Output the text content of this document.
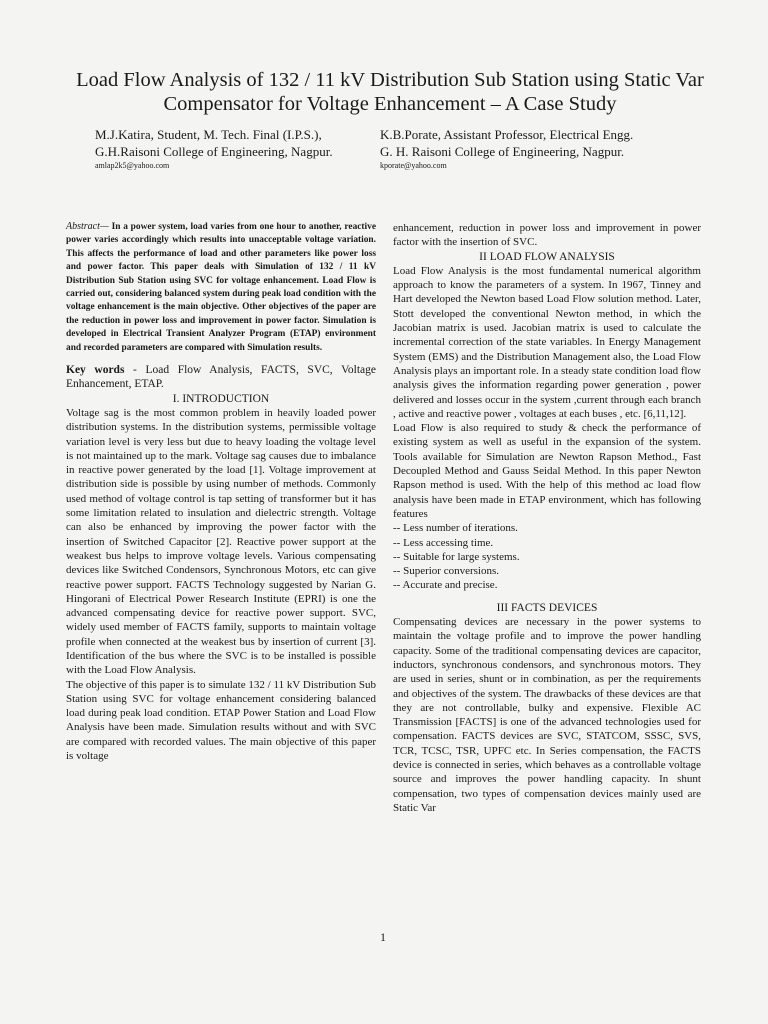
Load Flow Analysis of 132 / 11 kV Distribution Sub Station using Static Var Compensator for Voltage Enhancement – A Case Study
M.J.Katira, Student, M. Tech. Final (I.P.S.),
G.H.Raisoni College of Engineering, Nagpur.
amlap2k5@yahoo.com
K.B.Porate, Assistant Professor, Electrical Engg.
G. H. Raisoni College of Engineering, Nagpur.
kporate@yahoo.com

Abstract— In a power system, load varies from one hour to another, reactive power varies accordingly which results into unacceptable voltage variation. This affects the performance of load and other parameters like power loss and power factor. This paper deals with Simulation of 132 / 11 kV Distribution Sub Station using SVC for voltage enhancement. Load Flow is carried out, considering balanced system during peak load condition with the voltage enhancement is the main objective. Other objectives of the paper are the reduction in power loss and improvement in power factor. Simulation is developed in Electrical Transient Analyzer Program (ETAP) environment and recorded parameters are compared with Simulation results.

Key words - Load Flow Analysis, FACTS, SVC, Voltage Enhancement, ETAP.

I. INTRODUCTION

Voltage sag is the most common problem in heavily loaded power distribution systems. In the distribution systems, permissible voltage variation level is very less but due to heavy loading the voltage level is not maintained up to the mark. Voltage sag causes due to imbalance in reactive power generated by the load [1]. Voltage improvement at distribution side is possible by using number of methods. Commonly used method of voltage control is tap setting of transformer but it has some limitation related to insulation and dielectric strength. Voltage can also be enhanced by improving the power factor with the insertion of Switched Capacitor [2]. Reactive power support at the weakest bus helps to improve voltage levels. Various compensating devices like Switched Condensors, Synchronous Motors, etc can give reactive power support. FACTS Technology suggested by Narian G. Hingorani of Electrical Power Research Institute (EPRI) is one the advanced compensating device for reactive power support. SVC, widely used member of FACTS family, supports to maintain voltage profile when connected at the weakest bus by insertion of current [3]. Identification of the bus where the SVC is to be installed is possible with the Load Flow Analysis.

The objective of this paper is to simulate 132 / 11 kV Distribution Sub Station using SVC for voltage enhancement considering balanced load during peak load condition. ETAP Power Station and Load Flow Analysis have been made. Simulation results without and with SVC are compared with recorded values. The main objective of this paper is voltage

enhancement, reduction in power loss and improvement in power factor with the insertion of SVC.

II LOAD FLOW ANALYSIS

Load Flow Analysis is the most fundamental numerical algorithm approach to know the parameters of a system. In 1967, Tinney and Hart developed the Newton based Load Flow solution method. Later, Stott developed the conventional Newton method, in which the Jacobian matrix is used. Jacobian matrix is used to calculate the incremental correction of the state variables. In Energy Management System (EMS) and the Distribution Management also, the Load Flow Analysis plays an important role. In a steady state condition load flow analysis gives the information regarding power generation , power delivered and losses occur in the system ,current through each branch , active and reactive power , voltages at each buses , etc. [6,11,12].

Load Flow is also required to study & check the performance of existing system as well as useful in the expansion of the system. Tools available for Simulation are Newton Rapson Method., Fast Decoupled Method and Gauss Seidal Method. In this paper Newton Rapson method is used. With the help of this method ac load flow analysis have been made in ETAP environment, which has following features

-- Less number of iterations.
-- Less accessing time.
-- Suitable for large systems.
-- Superior conversions.
-- Accurate and precise.

III FACTS DEVICES

Compensating devices are necessary in the power systems to maintain the voltage profile and to improve the power handling capacity. Some of the traditional compensating devices are capacitor, inductors, synchronous condensors, and synchronous motors. They are used in series, shunt or in combination, as per the requirements and objectives of the system. The drawbacks of these devices are that they are not controllable, bulky and expensive. Flexible AC Transmission [FACTS] is one of the advanced technologies used for compensation. FACTS devices are SVC, STATCOM, SSSC, SVS, TCR, TCSC, TSR, UPFC etc. In Series compensation, the FACTS device is connected in series, which behaves as a controllable voltage source and improves the power handling capacity. In shunt compensation, two types of compensation devices mainly used are Static Var

1
